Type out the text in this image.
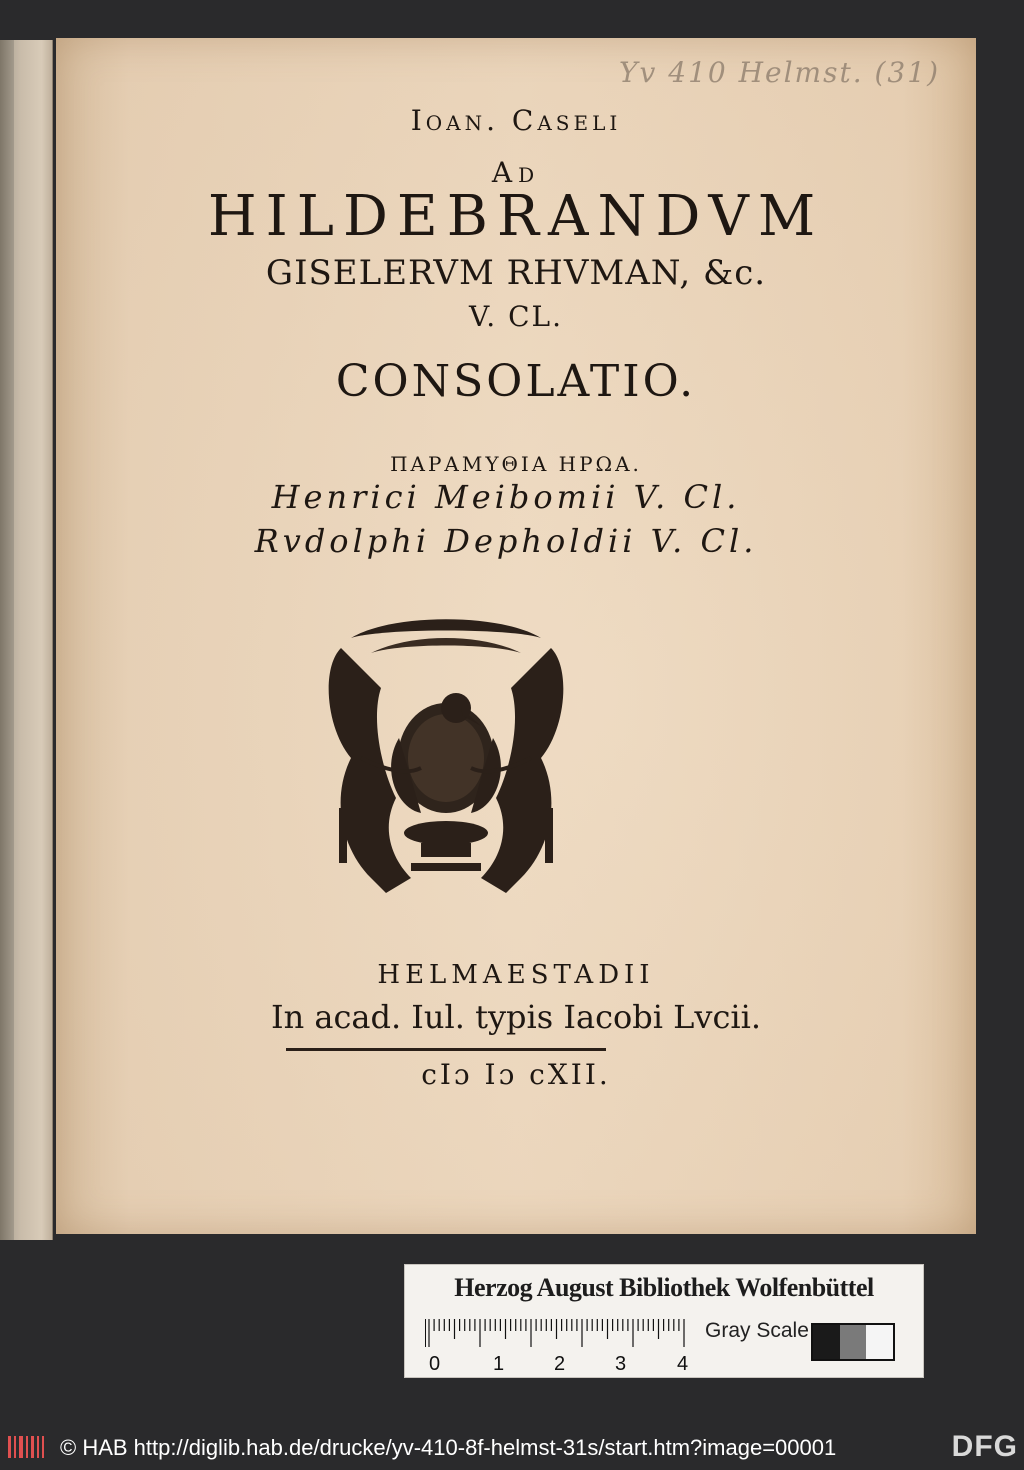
Yv 410 Helmst. (31)
Ioan. Caseli
Ad
HILDEBRANDVM
GISELERVM RHVMAN, &c.
V. CL.
CONSOLATIO.
ΠΑΡΑΜΥΘΙΑ ΗΡΩΑ.
Henrici Meibomii V. Cl.
Rvdolphi Depholdii V. Cl.
HELMAESTADII
In acad. Iul. typis Iacobi Lvcii.
cIɔ Iɔ cXII.
Herzog August Bibliothek Wolfenbüttel
0	1 2 3	4
Gray Scale
© HAB http://diglib.hab.de/drucke/yv-410-8f-helmst-31s/start.htm?image=00001	DFG
